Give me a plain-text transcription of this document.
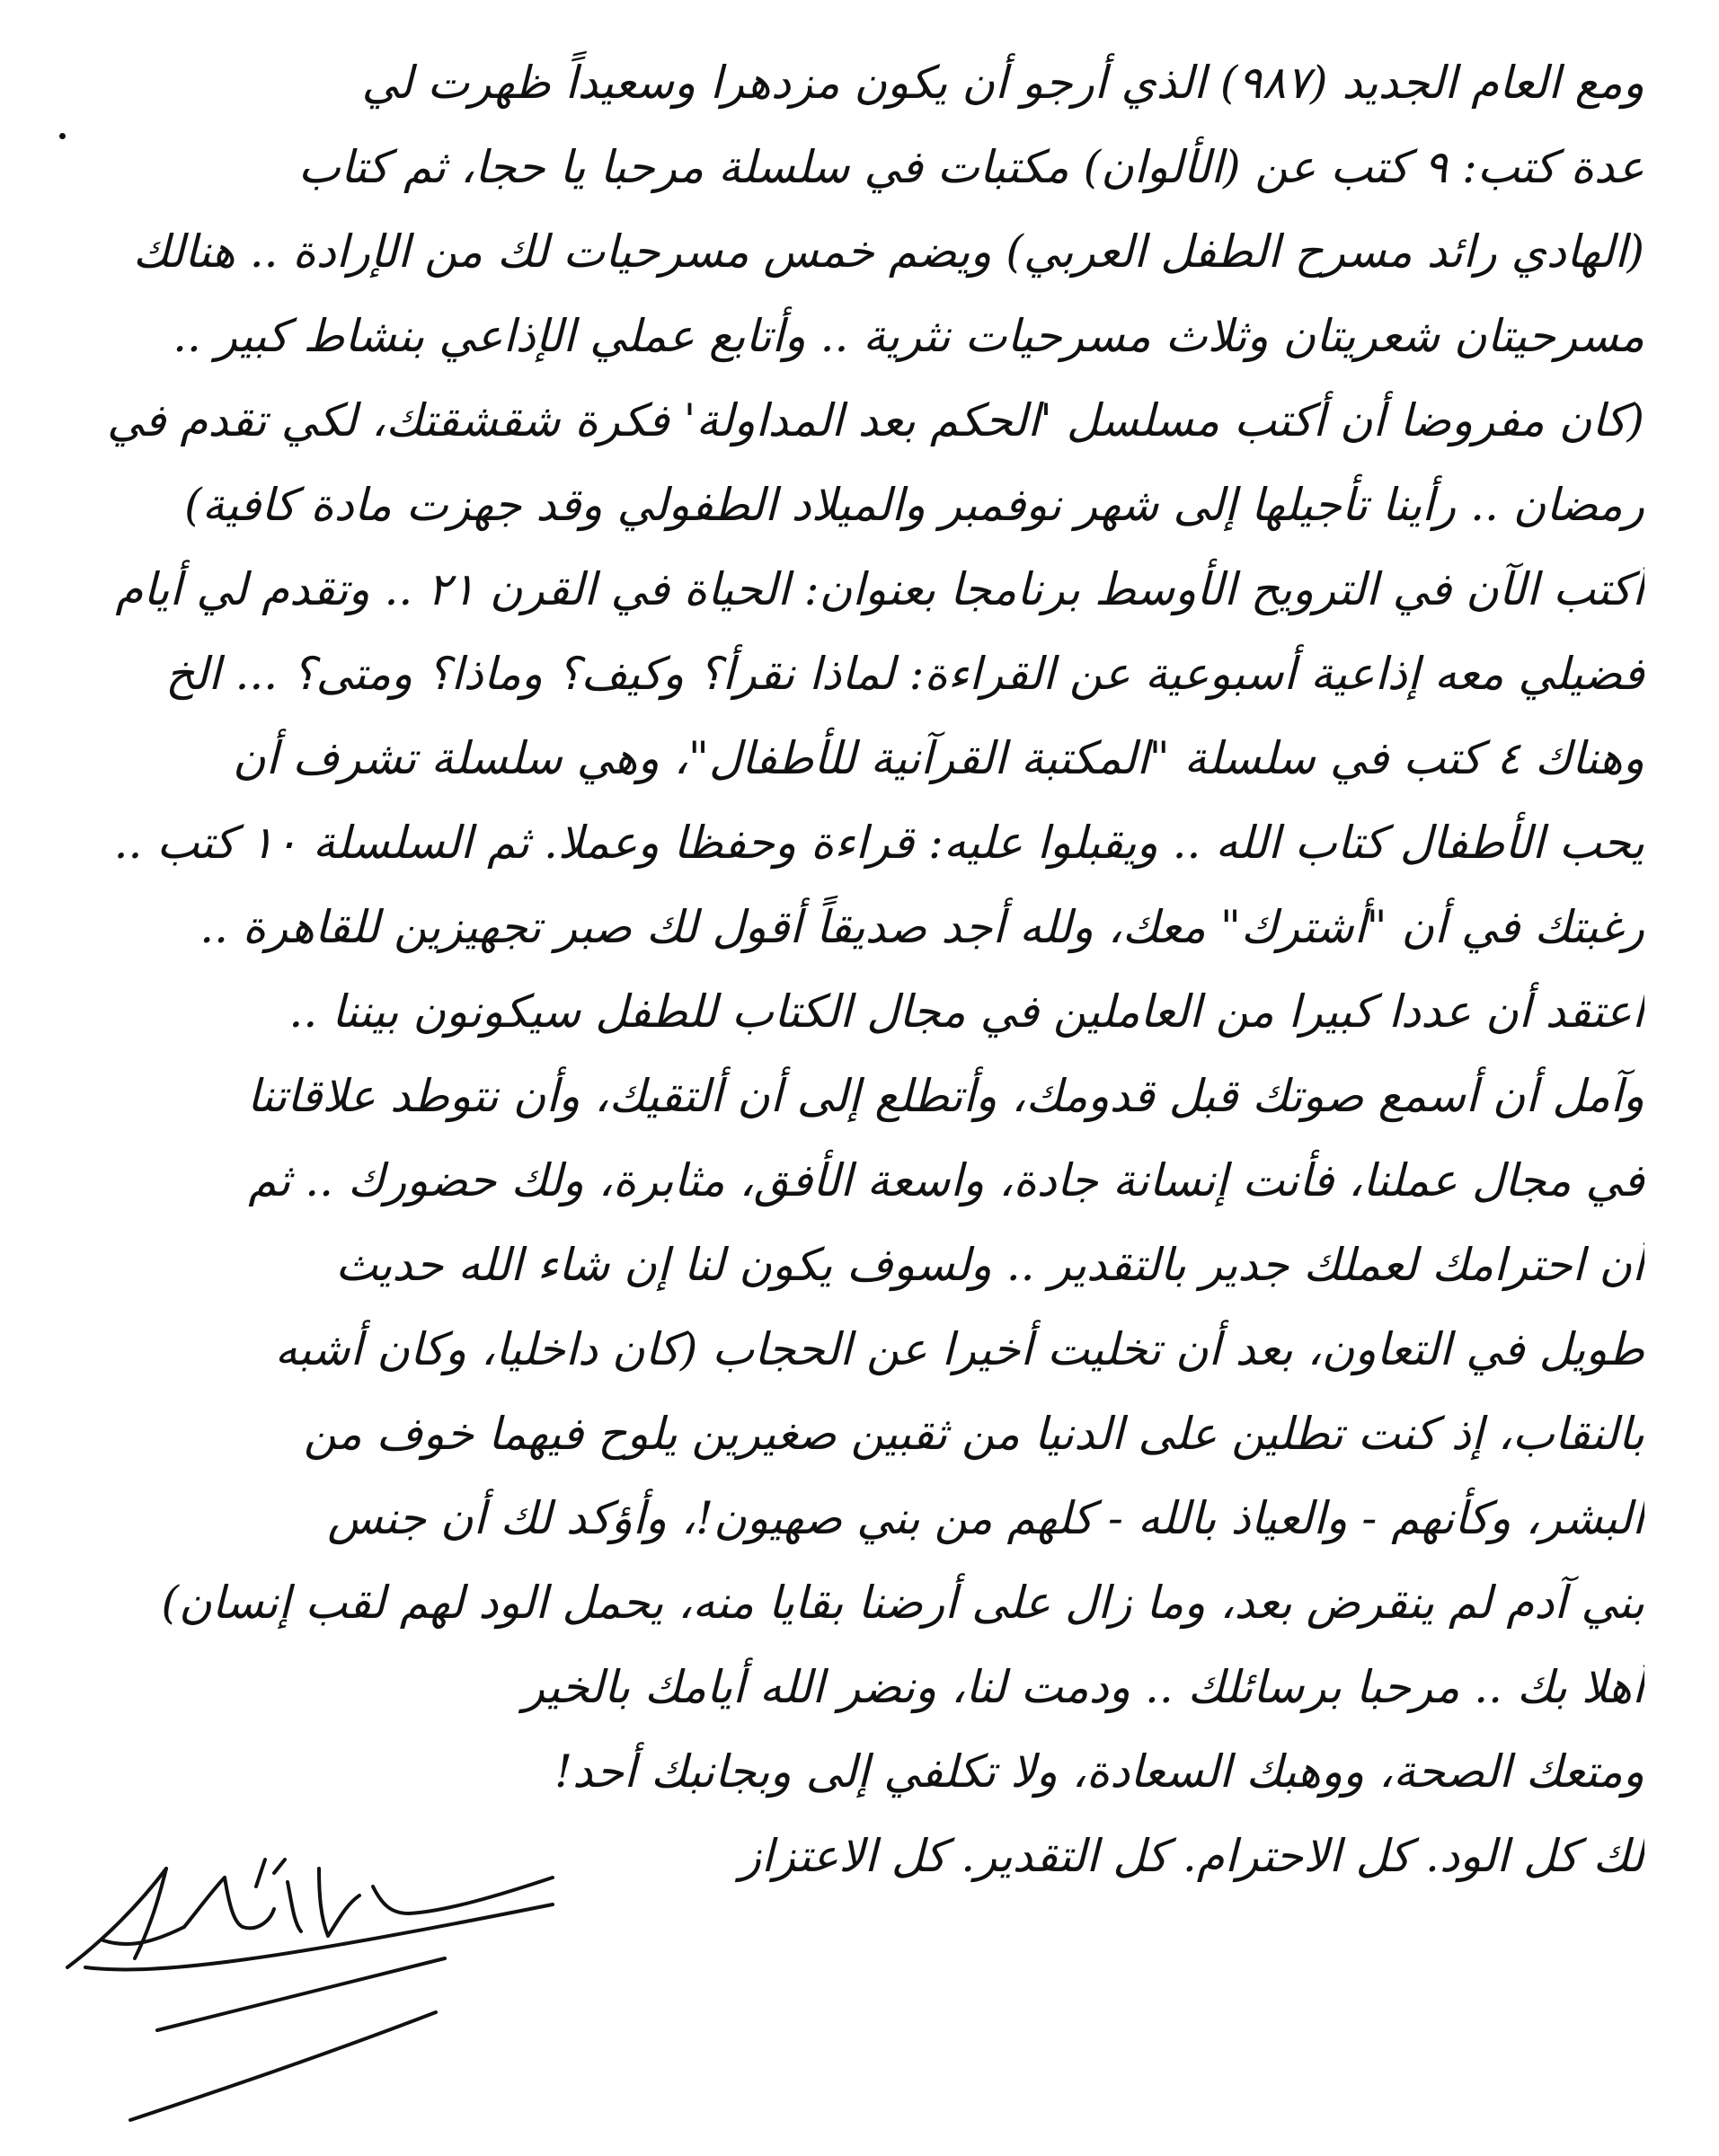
ومع العام الجديد (٩٨٧) الذي أرجو أن يكون مزدهرا وسعيداً ظهرت لي
عدة كتب: ٩ كتب عن (الألوان) مكتبات في سلسلة مرحبا يا حجا، ثم كتاب
(الهادي رائد مسرح الطفل العربي) ويضم خمس مسرحيات لك من الإرادة .. هنالك
مسرحيتان شعريتان وثلاث مسرحيات نثرية .. وأتابع عملي الإذاعي بنشاط كبير ..
(كان مفروضا أن أكتب مسلسل 'الحكم بعد المداولة' فكرة شقشقتك، لكي تقدم في
رمضان .. رأينا تأجيلها إلى شهر نوفمبر والميلاد الطفولي وقد جهزت مادة كافية)
أكتب الآن في الترويح الأوسط برنامجا بعنوان: الحياة في القرن ٢١ .. وتقدم لي أيام
فضيلي معه إذاعية أسبوعية عن القراءة: لماذا نقرأ؟ وكيف؟ وماذا؟ ومتى؟ ... الخ
وهناك ٤ كتب في سلسلة "المكتبة القرآنية للأطفال"، وهي سلسلة تشرف أن
يحب الأطفال كتاب الله .. ويقبلوا عليه: قراءة وحفظا وعملا. ثم السلسلة ١٠ كتب ..
رغبتك في أن "أشترك" معك، ولله أجد صديقاً أقول لك صبر تجهيزين للقاهرة ..
اعتقد أن عددا كبيرا من العاملين في مجال الكتاب للطفل سيكونون بيننا ..
وآمل أن أسمع صوتك قبل قدومك، وأتطلع إلى أن ألتقيك، وأن نتوطد علاقاتنا
في مجال عملنا، فأنت إنسانة جادة، واسعة الأفق، مثابرة، ولك حضورك .. ثم
أن احترامك لعملك جدير بالتقدير .. ولسوف يكون لنا إن شاء الله حديث
طويل في التعاون، بعد أن تخليت أخيرا عن الحجاب (كان داخليا، وكان أشبه
بالنقاب، إذ كنت تطلين على الدنيا من ثقبين صغيرين يلوح فيهما خوف من
البشر، وكأنهم - والعياذ بالله - كلهم من بني صهيون!، وأؤكد لك أن جنس
بني آدم لم ينقرض بعد، وما زال على أرضنا بقايا منه، يحمل الود لهم لقب إنسان)
أهلا بك .. مرحبا برسائلك .. ودمت لنا، ونضر الله أيامك بالخير
ومتعك الصحة، ووهبك السعادة، ولا تكلفي إلى وبجانبك أحد!
لك كل الود. كل الاحترام. كل التقدير. كل الاعتزاز
